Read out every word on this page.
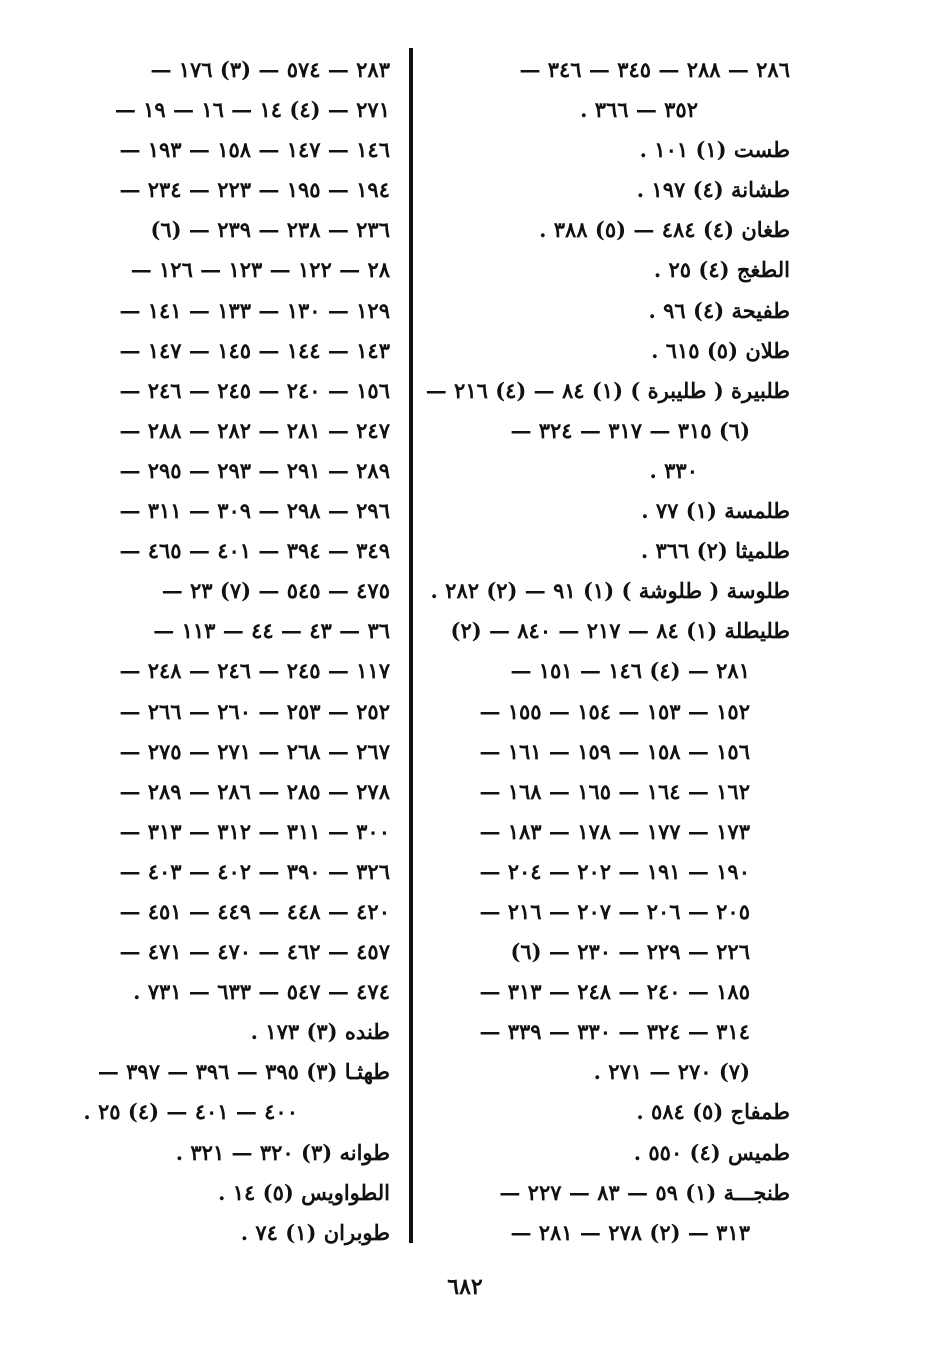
٢٨٦ — ٢٨٨ — ٣٤٥ — ٣٤٦ —
٣٥٢ — ٣٦٦ .
طست (١) ١٠١ .
طشانة (٤) ١٩٧ .
طغان (٤) ٤٨٤ — (٥) ٣٨٨ .
الطغج (٤) ٢٥ .
طفيحة (٤) ٩٦ .
طلان (٥) ٦١٥ .
طلبيرة ( طليبرة ) (١) ٨٤ — (٤) ٢١٦ —
(٦) ٣١٥ — ٣١٧ — ٣٢٤ —
٣٣٠ .
طلمسة (١) ٧٧ .
طلميثا (٢) ٣٦٦ .
طلوسة ( طلوشة ) (١) ٩١ — (٢) ٢٨٢ .
طليطلة (١) ٨٤ — ٢١٧ — ٨٤٠ — (٢)
٢٨١ — (٤) ١٤٦ — ١٥١ —
١٥٢ — ١٥٣ — ١٥٤ — ١٥٥ —
١٥٦ — ١٥٨ — ١٥٩ — ١٦١ —
١٦٢ — ١٦٤ — ١٦٥ — ١٦٨ —
١٧٣ — ١٧٧ — ١٧٨ — ١٨٣ —
١٩٠ — ١٩١ — ٢٠٢ — ٢٠٤ —
٢٠٥ — ٢٠٦ — ٢٠٧ — ٢١٦ —
٢٢٦ — ٢٢٩ — ٢٣٠ — (٦)
١٨٥ — ٢٤٠ — ٢٤٨ — ٣١٣ —
٣١٤ — ٣٢٤ — ٣٣٠ — ٣٣٩ —
(٧) ٢٧٠ — ٢٧١ .
طمفاج (٥) ٥٨٤ .
طميس (٤) ٥٥٠ .
طنجـــة (١) ٥٩ — ٨٣ — ٢٢٧ —
٣١٣ — (٢) ٢٧٨ — ٢٨١ —
٢٨٣ — ٥٧٤ — (٣) ١٧٦ —
٢٧١ — (٤) ١٤ — ١٦ — ١٩ —
١٤٦ — ١٤٧ — ١٥٨ — ١٩٣ —
١٩٤ — ١٩٥ — ٢٢٣ — ٢٣٤ —
٢٣٦ — ٢٣٨ — ٢٣٩ — (٦)
٢٨ — ١٢٢ — ١٢٣ — ١٢٦ —
١٢٩ — ١٣٠ — ١٣٣ — ١٤١ —
١٤٣ — ١٤٤ — ١٤٥ — ١٤٧ —
١٥٦ — ٢٤٠ — ٢٤٥ — ٢٤٦ —
٢٤٧ — ٢٨١ — ٢٨٢ — ٢٨٨ —
٢٨٩ — ٢٩١ — ٢٩٣ — ٢٩٥ —
٢٩٦ — ٢٩٨ — ٣٠٩ — ٣١١ —
٣٤٩ — ٣٩٤ — ٤٠١ — ٤٦٥ —
٤٧٥ — ٥٤٥ — (٧) ٢٣ —
٣٦ — ٤٣ — ٤٤ — ١١٣ —
١١٧ — ٢٤٥ — ٢٤٦ — ٢٤٨ —
٢٥٢ — ٢٥٣ — ٢٦٠ — ٢٦٦ —
٢٦٧ — ٢٦٨ — ٢٧١ — ٢٧٥ —
٢٧٨ — ٢٨٥ — ٢٨٦ — ٢٨٩ —
٣٠٠ — ٣١١ — ٣١٢ — ٣١٣ —
٣٢٦ — ٣٩٠ — ٤٠٢ — ٤٠٣ —
٤٢٠ — ٤٤٨ — ٤٤٩ — ٤٥١ —
٤٥٧ — ٤٦٢ — ٤٧٠ — ٤٧١ —
٤٧٤ — ٥٤٧ — ٦٣٣ — ٧٣١ .
طنده (٣) ١٧٣ .
طهثـا (٣) ٣٩٥ — ٣٩٦ — ٣٩٧ —
٤٠٠ — ٤٠١ — (٤) ٢٥ .
طوانه (٣) ٣٢٠ — ٣٢١ .
الطواويس (٥) ١٤ .
طوبران (١) ٧٤ .
٦٨٢
